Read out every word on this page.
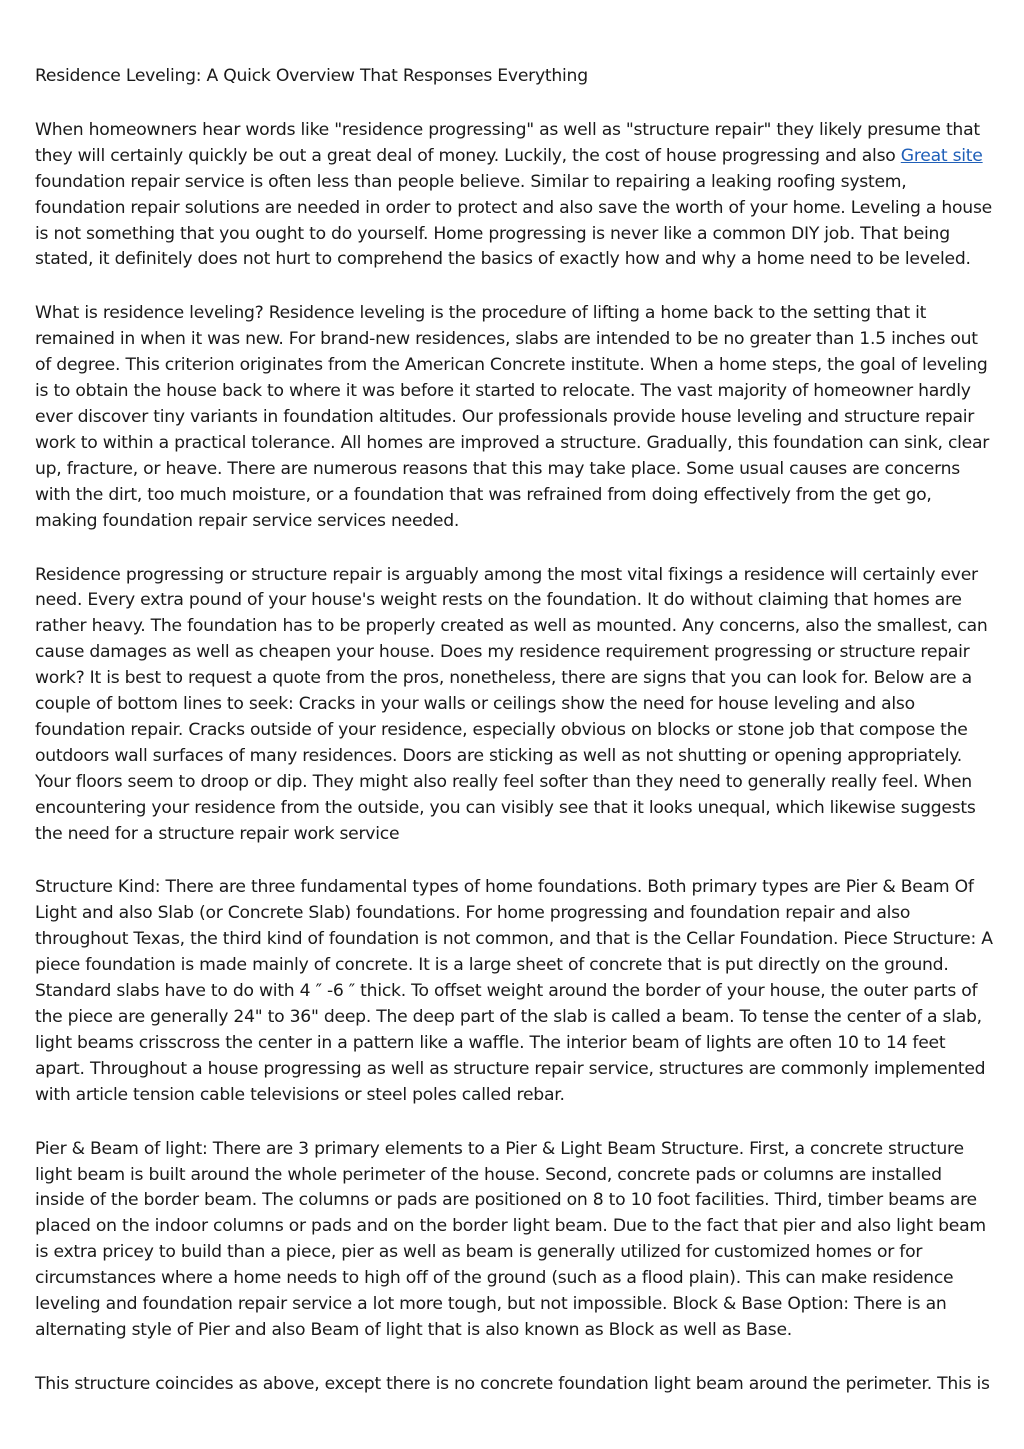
Residence Leveling: A Quick Overview That Responses Everything

When homeowners hear words like "residence progressing" as well as "structure repair" they likely presume that they will certainly quickly be out a great deal of money. Luckily, the cost of house progressing and also Great site foundation repair service is often less than people believe. Similar to repairing a leaking roofing system, foundation repair solutions are needed in order to protect and also save the worth of your home. Leveling a house is not something that you ought to do yourself. Home progressing is never like a common DIY job. That being stated, it definitely does not hurt to comprehend the basics of exactly how and why a home need to be leveled.

What is residence leveling? Residence leveling is the procedure of lifting a home back to the setting that it remained in when it was new. For brand-new residences, slabs are intended to be no greater than 1.5 inches out of degree. This criterion originates from the American Concrete institute. When a home steps, the goal of leveling is to obtain the house back to where it was before it started to relocate. The vast majority of homeowner hardly ever discover tiny variants in foundation altitudes. Our professionals provide house leveling and structure repair work to within a practical tolerance. All homes are improved a structure. Gradually, this foundation can sink, clear up, fracture, or heave. There are numerous reasons that this may take place. Some usual causes are concerns with the dirt, too much moisture, or a foundation that was refrained from doing effectively from the get go, making foundation repair service services needed.

Residence progressing or structure repair is arguably among the most vital fixings a residence will certainly ever need. Every extra pound of your house's weight rests on the foundation. It do without claiming that homes are rather heavy. The foundation has to be properly created as well as mounted. Any concerns, also the smallest, can cause damages as well as cheapen your house. Does my residence requirement progressing or structure repair work? It is best to request a quote from the pros, nonetheless, there are signs that you can look for. Below are a couple of bottom lines to seek: Cracks in your walls or ceilings show the need for house leveling and also foundation repair. Cracks outside of your residence, especially obvious on blocks or stone job that compose the outdoors wall surfaces of many residences. Doors are sticking as well as not shutting or opening appropriately. Your floors seem to droop or dip. They might also really feel softer than they need to generally really feel. When encountering your residence from the outside, you can visibly see that it looks unequal, which likewise suggests the need for a structure repair work service

Structure Kind: There are three fundamental types of home foundations. Both primary types are Pier & Beam Of Light and also Slab (or Concrete Slab) foundations. For home progressing and foundation repair and also throughout Texas, the third kind of foundation is not common, and that is the Cellar Foundation. Piece Structure: A piece foundation is made mainly of concrete. It is a large sheet of concrete that is put directly on the ground. Standard slabs have to do with 4 ″ -6 ″ thick. To offset weight around the border of your house, the outer parts of the piece are generally 24" to 36" deep. The deep part of the slab is called a beam. To tense the center of a slab, light beams crisscross the center in a pattern like a waffle. The interior beam of lights are often 10 to 14 feet apart. Throughout a house progressing as well as structure repair service, structures are commonly implemented with article tension cable televisions or steel poles called rebar.

Pier & Beam of light: There are 3 primary elements to a Pier & Light Beam Structure. First, a concrete structure light beam is built around the whole perimeter of the house. Second, concrete pads or columns are installed inside of the border beam. The columns or pads are positioned on 8 to 10 foot facilities. Third, timber beams are placed on the indoor columns or pads and on the border light beam. Due to the fact that pier and also light beam is extra pricey to build than a piece, pier as well as beam is generally utilized for customized homes or for circumstances where a home needs to high off of the ground (such as a flood plain). This can make residence leveling and foundation repair service a lot more tough, but not impossible. Block & Base Option: There is an alternating style of Pier and also Beam of light that is also known as Block as well as Base.

This structure coincides as above, except there is no concrete foundation light beam around the perimeter. This is
